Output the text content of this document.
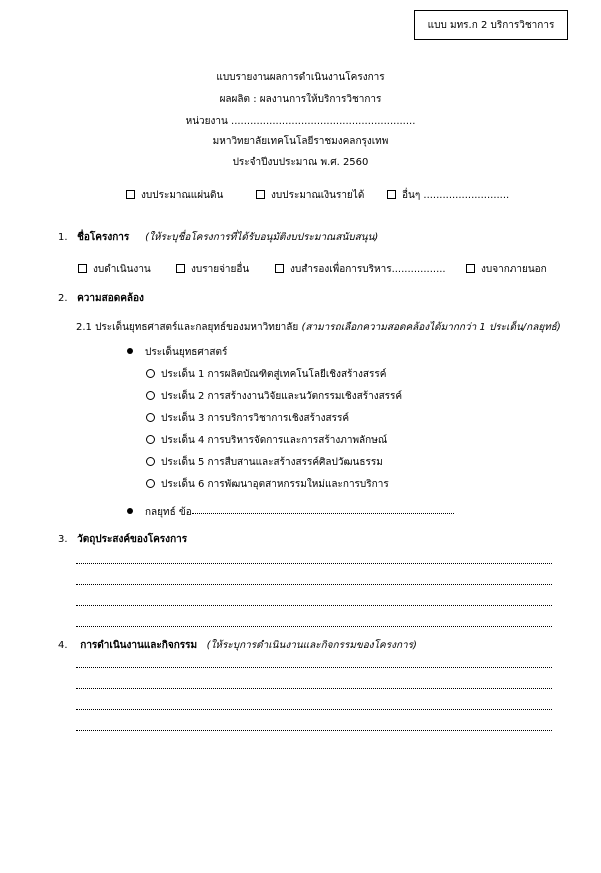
แบบ มทร.ก 2 บริการวิชาการ
แบบรายงานผลการดำเนินงานโครงการ
ผลผลิต : ผลงานการให้บริการวิชาการ
หน่วยงาน ..........................................................
มหาวิทยาลัยเทคโนโลยีราชมงคลกรุงเทพ
ประจำปีงบประมาณ พ.ศ. 2560
งบประมาณแผ่นดิน	งบประมาณเงินรายได้	อื่นๆ ...........................
1. ชื่อโครงการ (ให้ระบุชื่อโครงการที่ได้รับอนุมัติงบประมาณสนับสนุน)
งบดำเนินงาน	งบรายจ่ายอื่น	งบสำรองเพื่อการบริหาร.................	งบจากภายนอก
2. ความสอดคล้อง
2.1 ประเด็นยุทธศาสตร์และกลยุทธ์ของมหาวิทยาลัย (สามารถเลือกความสอดคล้องได้มากกว่า 1 ประเด็น/กลยุทธ์)
ประเด็นยุทธศาสตร์
ประเด็น 1 การผลิตบัณฑิตสู่เทคโนโลยีเชิงสร้างสรรค์
ประเด็น 2 การสร้างงานวิจัยและนวัตกรรมเชิงสร้างสรรค์
ประเด็น 3 การบริการวิชาการเชิงสร้างสรรค์
ประเด็น 4 การบริหารจัดการและการสร้างภาพลักษณ์
ประเด็น 5 การสืบสานและสร้างสรรค์ศิลปวัฒนธรรม
ประเด็น 6 การพัฒนาอุตสาหกรรมใหม่และการบริการ
กลยุทธ์ ข้อ
3. วัตถุประสงค์ของโครงการ
4. การดำเนินงานและกิจกรรม (ให้ระบุการดำเนินงานและกิจกรรมของโครงการ)
